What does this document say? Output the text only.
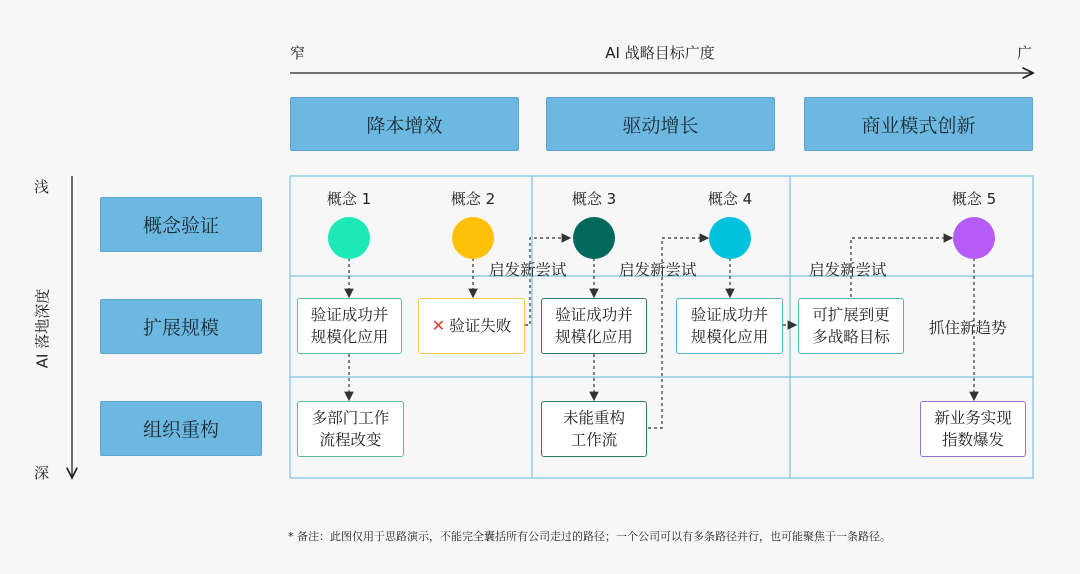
窄	AI 战略目标广度	广
浅
AI 落地深度
深
降本增效	驱动增长	商业模式创新
概念验证
扩展规模
组织重构
概念 1	概念 2	概念 3	概念 4	概念 5
启发新尝试	启发新尝试	启发新尝试
验证成功并
规模化应用
✕ 验证失败
验证成功并
规模化应用
验证成功并
规模化应用
可扩展到更
多战略目标	抓住新趋势
多部门工作
流程改变
未能重构
工作流
新业务实现
指数爆发
* 备注：此图仅用于思路演示，不能完全囊括所有公司走过的路径；一个公司可以有多条路径并行，也可能聚焦于一条路径。
